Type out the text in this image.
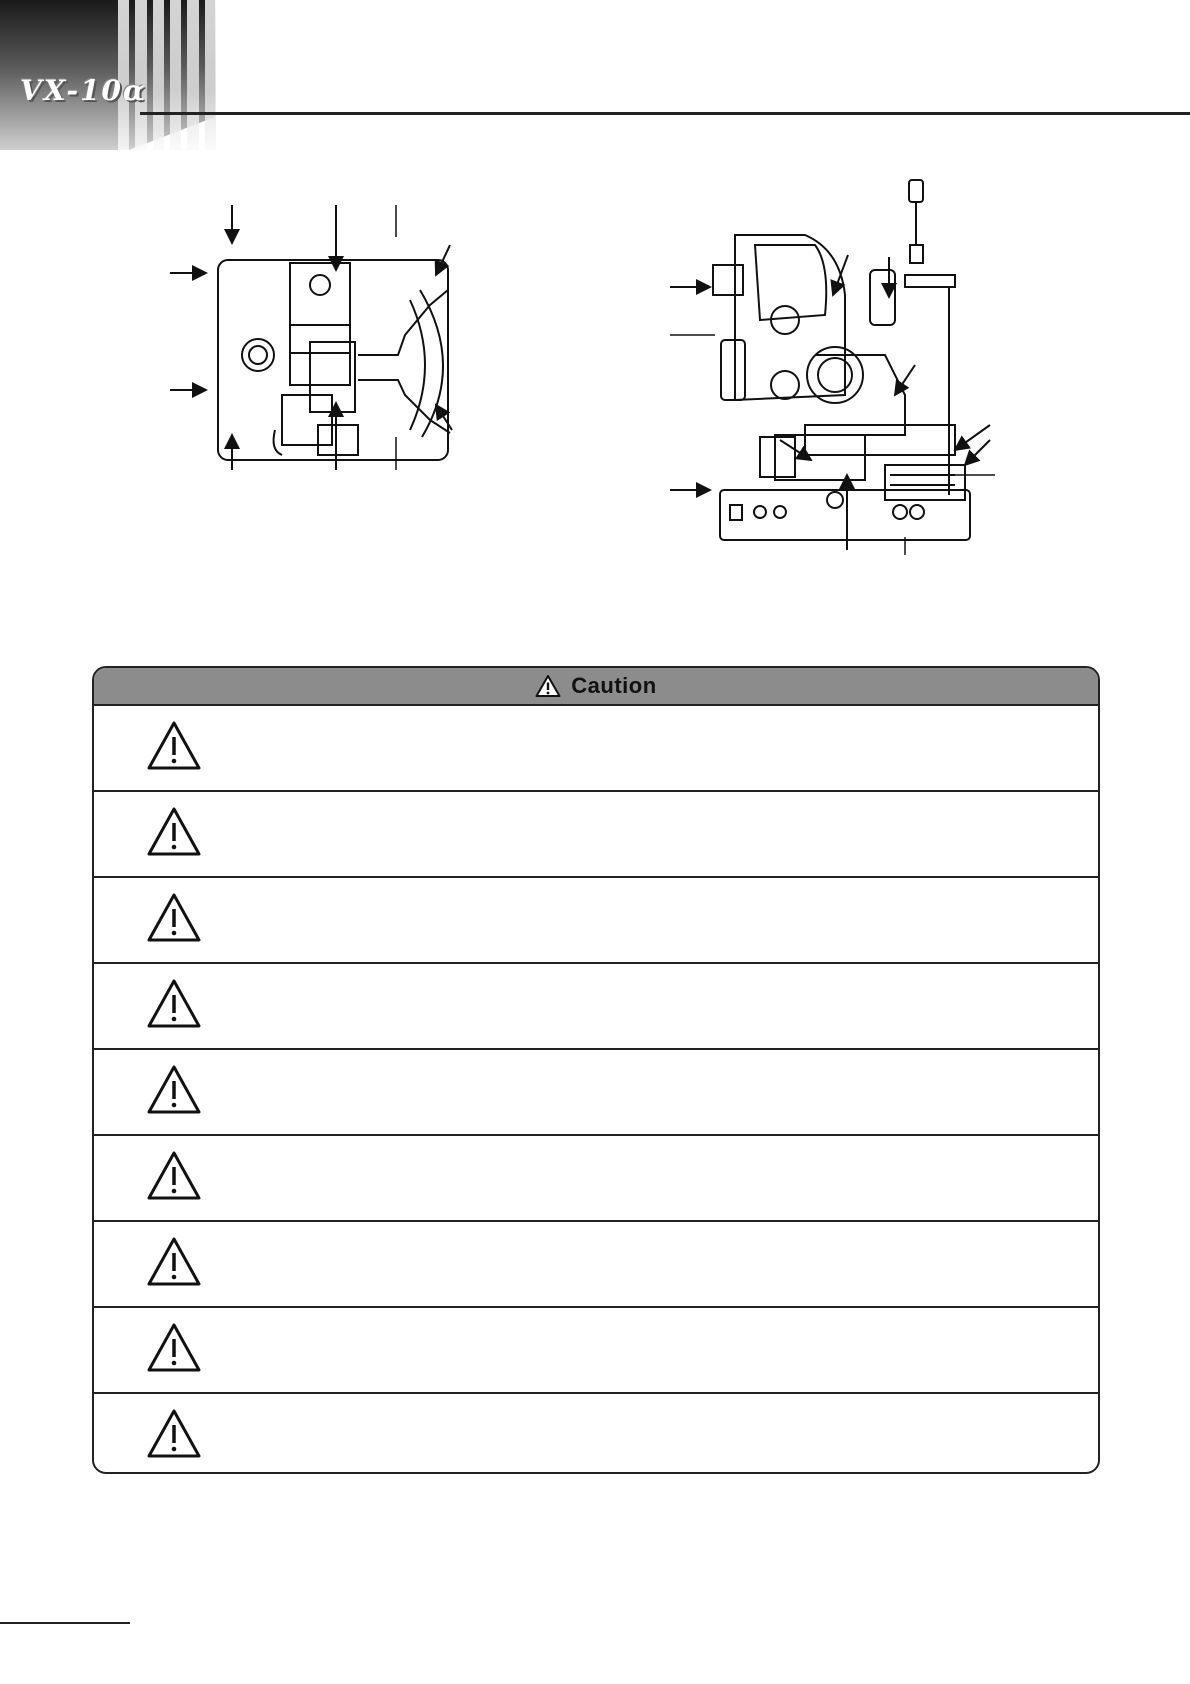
VX-10α
Caution
